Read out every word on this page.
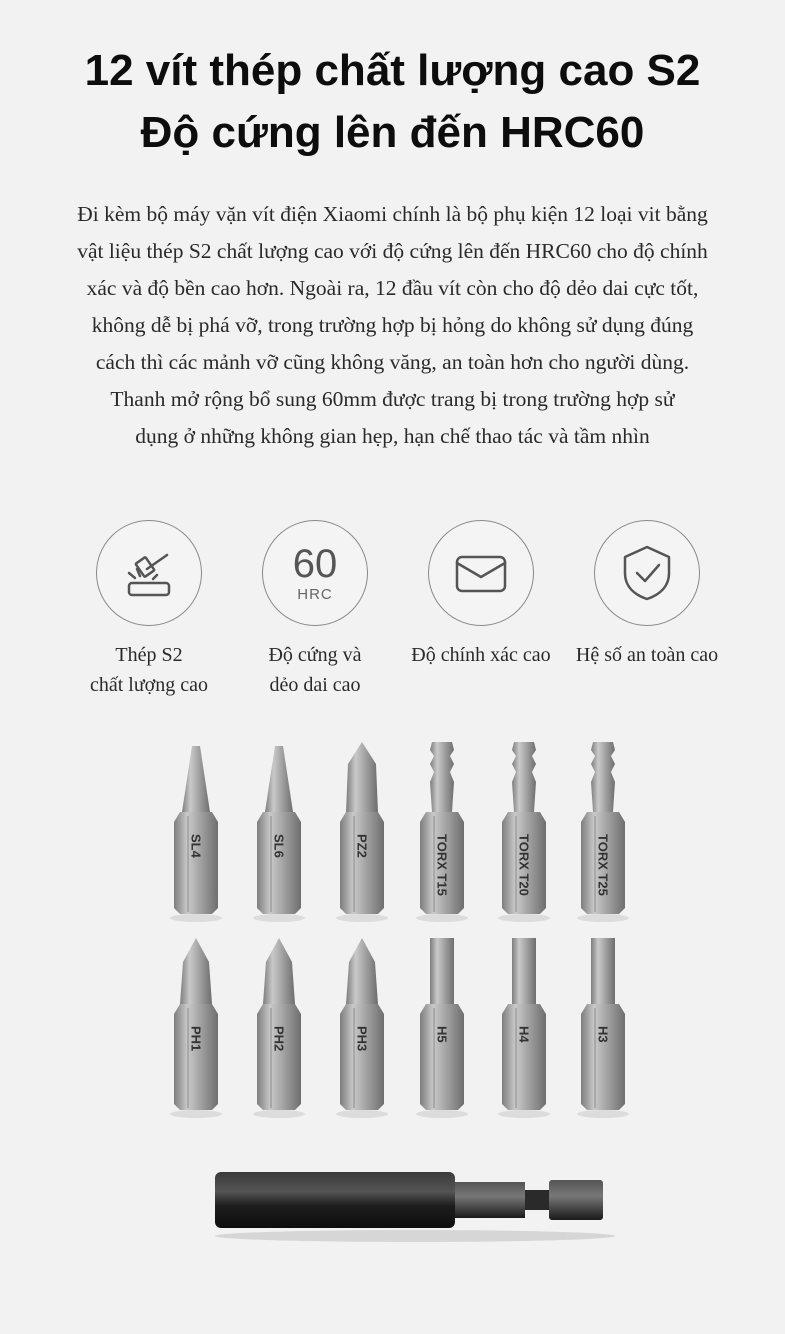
12 vít thép chất lượng cao S2
Độ cứng lên đến HRC60
Đi kèm bộ máy vặn vít điện Xiaomi chính là bộ phụ kiện 12 loại vit bằng
vật liệu thép S2 chất lượng cao với độ cứng lên đến HRC60 cho độ chính
xác và độ bền cao hơn. Ngoài ra, 12 đầu vít còn cho độ dẻo dai cực tốt,
không dễ bị phá vỡ, trong trường hợp bị hỏng do không sử dụng đúng
cách thì các mảnh vỡ cũng không văng, an toàn hơn cho người dùng.
Thanh mở rộng bổ sung 60mm được trang bị trong trường hợp sử
dụng ở những không gian hẹp, hạn chế thao tác và tầm nhìn
Thép S2
chất lượng cao
60
HRC
Độ cứng và
dẻo dai cao
Độ chính xác cao	Hệ số an toàn cao
SL4	SL6	PZ2	TORX T15	TORX T20	TORX T25
PH1	PH2	PH3	H5	H4	H3
